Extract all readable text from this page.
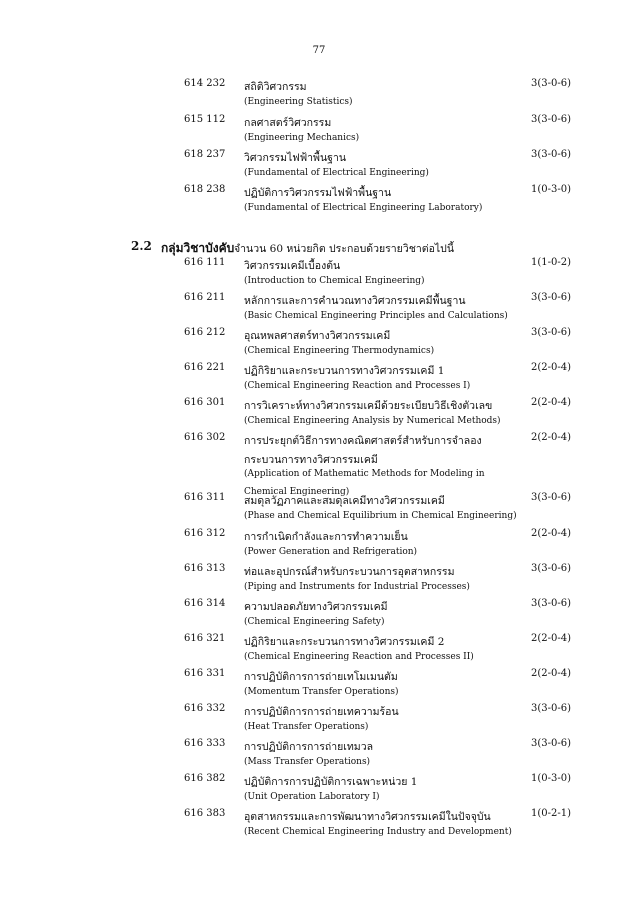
77
614 232 สถิติวิศวกรรม	3(3-0-6)
(Engineering Statistics)
615 112 กลศาสตร์วิศวกรรม	3(3-0-6)
(Engineering Mechanics)
618 237 วิศวกรรมไฟฟ้าพื้นฐาน	3(3-0-6)
(Fundamental of Electrical Engineering)
618 238 ปฏิบัติการวิศวกรรมไฟฟ้าพื้นฐาน	1(0-3-0)
(Fundamental of Electrical Engineering Laboratory)
2.2 กลุ่มวิชาบังคับ จำนวน 60 หน่วยกิต ประกอบด้วยรายวิชาต่อไปนี้
616 111 วิศวกรรมเคมีเบื้องต้น	1(1-0-2)
(Introduction to Chemical Engineering)
616 211 หลักการและการคำนวณทางวิศวกรรมเคมีพื้นฐาน	3(3-0-6)
(Basic Chemical Engineering Principles and Calculations)
616 212 อุณหพลศาสตร์ทางวิศวกรรมเคมี	3(3-0-6)
(Chemical Engineering Thermodynamics)
616 221 ปฏิกิริยาและกระบวนการทางวิศวกรรมเคมี 1	2(2-0-4)
(Chemical Engineering Reaction and Processes I)
616 301 การวิเคราะห์ทางวิศวกรรมเคมีด้วยระเบียบวิธีเชิงตัวเลข	2(2-0-4)
(Chemical Engineering Analysis by Numerical Methods)
616 302 การประยุกต์วิธีการทางคณิตศาสตร์สำหรับการจำลอง	2(2-0-4)
กระบวนการทางวิศวกรรมเคมี
(Application of Mathematic Methods for Modeling in
Chemical Engineering)
616 311 สมดุลวัฏภาคและสมดุลเคมีทางวิศวกรรมเคมี	3(3-0-6)
(Phase and Chemical Equilibrium in Chemical Engineering)
616 312 การกำเนิดกำลังและการทำความเย็น	2(2-0-4)
(Power Generation and Refrigeration)
616 313 ท่อและอุปกรณ์สำหรับกระบวนการอุตสาหกรรม	3(3-0-6)
(Piping and Instruments for Industrial Processes)
616 314 ความปลอดภัยทางวิศวกรรมเคมี	3(3-0-6)
(Chemical Engineering Safety)
616 321 ปฏิกิริยาและกระบวนการทางวิศวกรรมเคมี 2	2(2-0-4)
(Chemical Engineering Reaction and Processes II)
616 331 การปฏิบัติการการถ่ายเทโมเมนตัม	2(2-0-4)
(Momentum Transfer Operations)
616 332 การปฏิบัติการการถ่ายเทความร้อน	3(3-0-6)
(Heat Transfer Operations)
616 333 การปฏิบัติการการถ่ายเทมวล	3(3-0-6)
(Mass Transfer Operations)
616 382 ปฏิบัติการการปฏิบัติการเฉพาะหน่วย 1	1(0-3-0)
(Unit Operation Laboratory I)
616 383 อุตสาหกรรมและการพัฒนาทางวิศวกรรมเคมีในปัจจุบัน	1(0-2-1)
(Recent Chemical Engineering Industry and Development)
